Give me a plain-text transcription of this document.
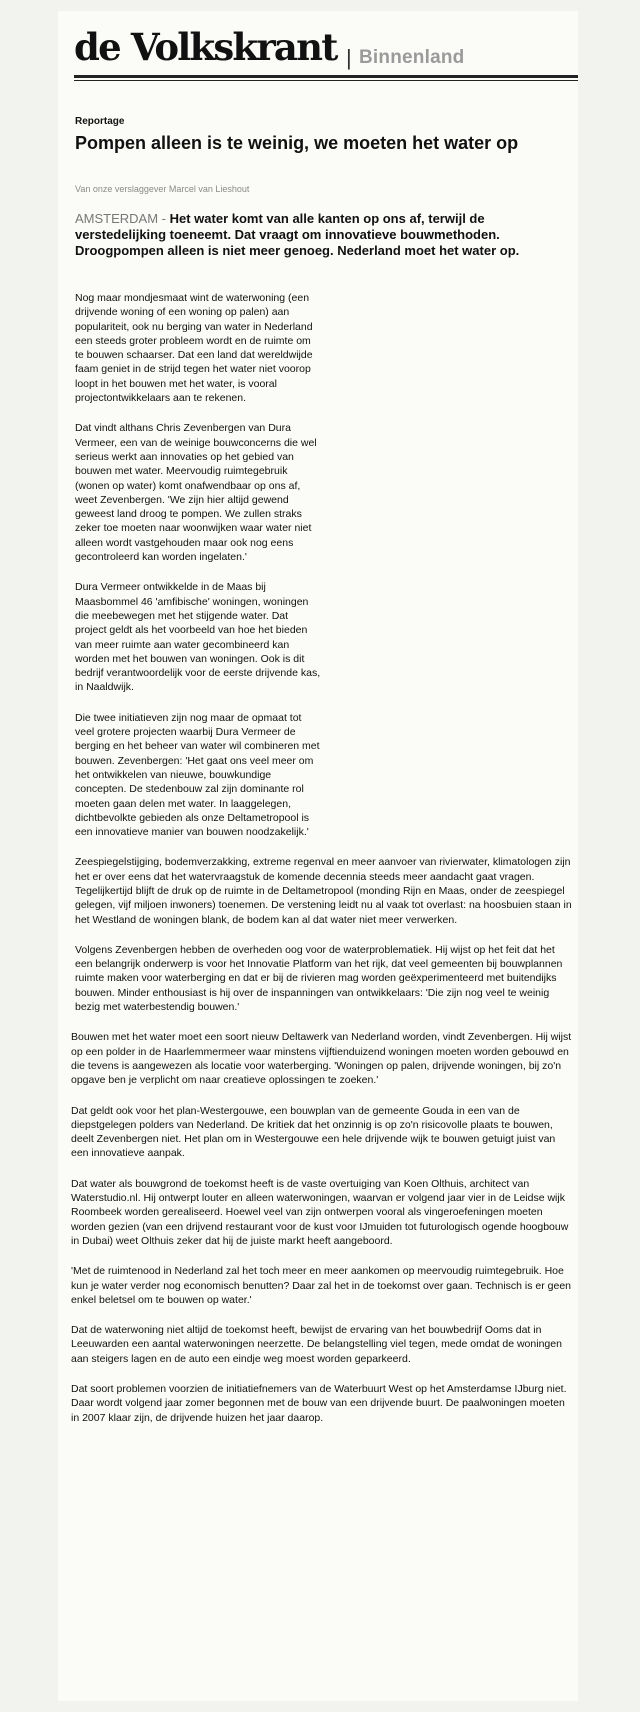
de Volkskrant | Binnenland
Reportage
Pompen alleen is te weinig, we moeten het water op
Van onze verslaggever Marcel van Lieshout
AMSTERDAM - Het water komt van alle kanten op ons af, terwijl de verstedelijking toeneemt. Dat vraagt om innovatieve bouwmethoden. Droogpompen alleen is niet meer genoeg. Nederland moet het water op.

Nog maar mondjesmaat wint de waterwoning (een drijvende woning of een woning op palen) aan populariteit, ook nu berging van water in Nederland een steeds groter probleem wordt en de ruimte om te bouwen schaarser. Dat een land dat wereldwijde faam geniet in de strijd tegen het water niet voorop loopt in het bouwen met het water, is vooral projectontwikkelaars aan te rekenen.

Dat vindt althans Chris Zevenbergen van Dura Vermeer, een van de weinige bouwconcerns die wel serieus werkt aan innovaties op het gebied van bouwen met water. Meervoudig ruimtegebruik (wonen op water) komt onafwendbaar op ons af, weet Zevenbergen. 'We zijn hier altijd gewend geweest land droog te pompen. We zullen straks zeker toe moeten naar woonwijken waar water niet alleen wordt vastgehouden maar ook nog eens gecontroleerd kan worden ingelaten.'

Dura Vermeer ontwikkelde in de Maas bij Maasbommel 46 'amfibische' woningen, woningen die meebewegen met het stijgende water. Dat project geldt als het voorbeeld van hoe het bieden van meer ruimte aan water gecombineerd kan worden met het bouwen van woningen. Ook is dit bedrijf verantwoordelijk voor de eerste drijvende kas, in Naaldwijk.

Die twee initiatieven zijn nog maar de opmaat tot veel grotere projecten waarbij Dura Vermeer de berging en het beheer van water wil combineren met bouwen. Zevenbergen: 'Het gaat ons veel meer om het ontwikkelen van nieuwe, bouwkundige concepten. De stedenbouw zal zijn dominante rol moeten gaan delen met water. In laaggelegen, dichtbevolkte gebieden als onze Deltametropool is een innovatieve manier van bouwen noodzakelijk.'

Zeespiegelstijging, bodemverzakking, extreme regenval en meer aanvoer van rivierwater, klimatologen zijn het er over eens dat het watervraagstuk de komende decennia steeds meer aandacht gaat vragen. Tegelijkertijd blijft de druk op de ruimte in de Deltametropool (monding Rijn en Maas, onder de zeespiegel gelegen, vijf miljoen inwoners) toenemen. De verstening leidt nu al vaak tot overlast: na hoosbuien staan in het Westland de woningen blank, de bodem kan al dat water niet meer verwerken.

Volgens Zevenbergen hebben de overheden oog voor de waterproblematiek. Hij wijst op het feit dat het een belangrijk onderwerp is voor het Innovatie Platform van het rijk, dat veel gemeenten bij bouwplannen ruimte maken voor waterberging en dat er bij de rivieren mag worden geëxperimenteerd met buitendijks bouwen. Minder enthousiast is hij over de inspanningen van ontwikkelaars: 'Die zijn nog veel te weinig bezig met waterbestendig bouwen.'

Bouwen met het water moet een soort nieuw Deltawerk van Nederland worden, vindt Zevenbergen. Hij wijst op een polder in de Haarlemmermeer waar minstens vijftienduizend woningen moeten worden gebouwd en die tevens is aangewezen als locatie voor waterberging. 'Woningen op palen, drijvende woningen, bij zo'n opgave ben je verplicht om naar creatieve oplossingen te zoeken.'

Dat geldt ook voor het plan-Westergouwe, een bouwplan van de gemeente Gouda in een van de diepstgelegen polders van Nederland. De kritiek dat het onzinnig is op zo'n risicovolle plaats te bouwen, deelt Zevenbergen niet. Het plan om in Westergouwe een hele drijvende wijk te bouwen getuigt juist van een innovatieve aanpak.

Dat water als bouwgrond de toekomst heeft is de vaste overtuiging van Koen Olthuis, architect van Waterstudio.nl. Hij ontwerpt louter en alleen waterwoningen, waarvan er volgend jaar vier in de Leidse wijk Roombeek worden gerealiseerd. Hoewel veel van zijn ontwerpen vooral als vingeroefeningen moeten worden gezien (van een drijvend restaurant voor de kust voor IJmuiden tot futurologisch ogende hoogbouw in Dubai) weet Olthuis zeker dat hij de juiste markt heeft aangeboord.

'Met de ruimtenood in Nederland zal het toch meer en meer aankomen op meervoudig ruimtegebruik. Hoe kun je water verder nog economisch benutten? Daar zal het in de toekomst over gaan. Technisch is er geen enkel beletsel om te bouwen op water.'

Dat de waterwoning niet altijd de toekomst heeft, bewijst de ervaring van het bouwbedrijf Ooms dat in Leeuwarden een aantal waterwoningen neerzette. De belangstelling viel tegen, mede omdat de woningen aan steigers lagen en de auto een eindje weg moest worden geparkeerd.

Dat soort problemen voorzien de initiatiefnemers van de Waterbuurt West op het Amsterdamse IJburg niet. Daar wordt volgend jaar zomer begonnen met de bouw van een drijvende buurt. De paalwoningen moeten in 2007 klaar zijn, de drijvende huizen het jaar daarop.
